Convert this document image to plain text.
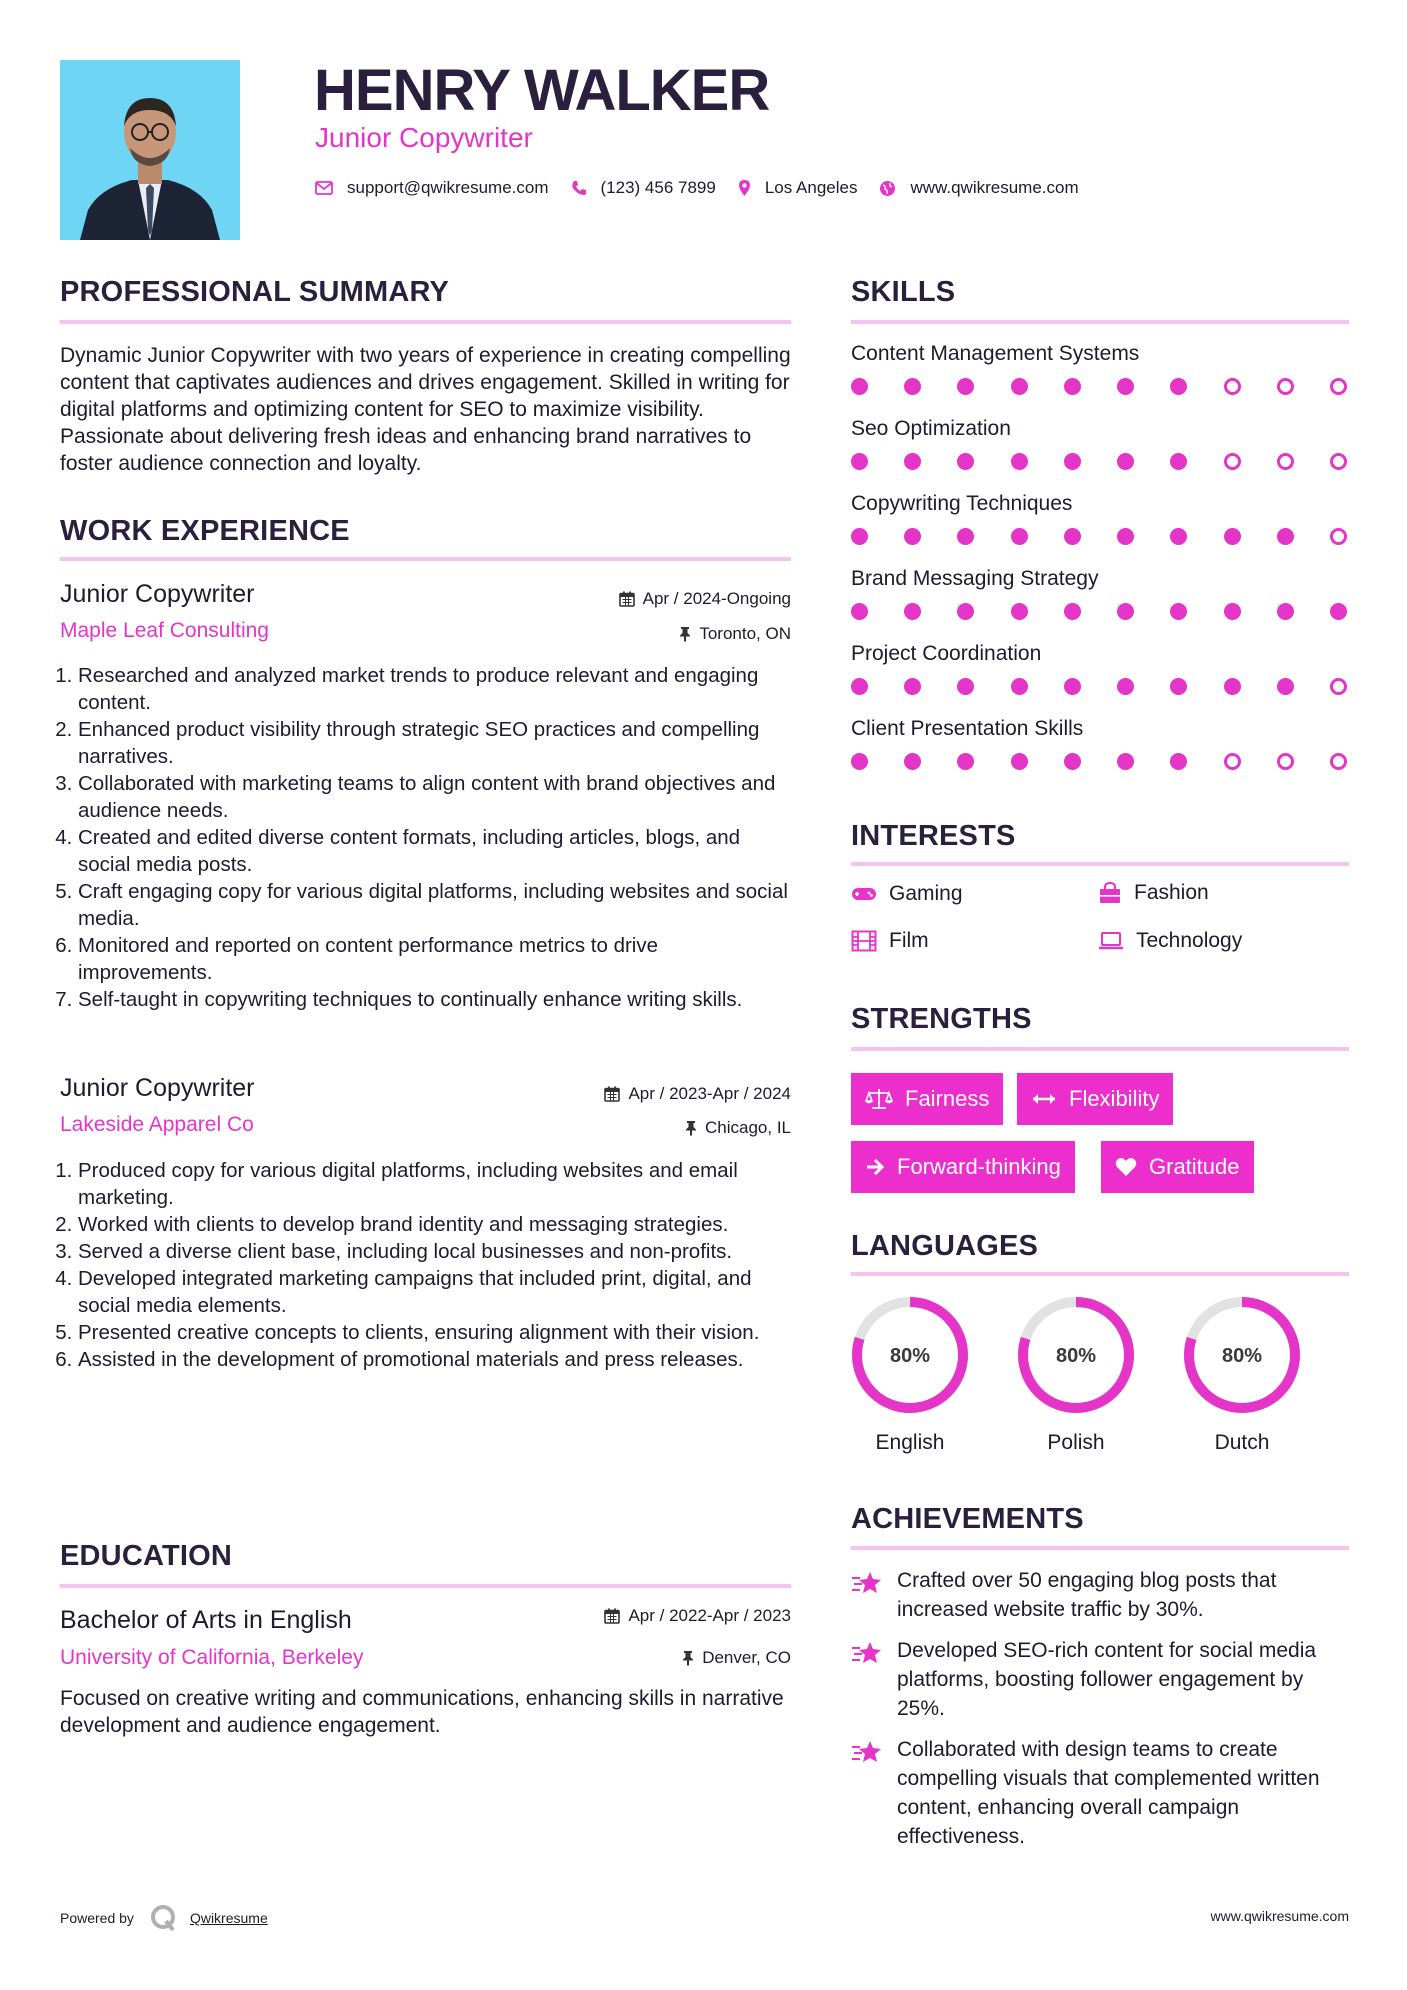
HENRY WALKER
Junior Copywriter
support@qwikresume.com	(123) 456 7899	Los Angeles	www.qwikresume.com
PROFESSIONAL SUMMARY
Dynamic Junior Copywriter with two years of experience in creating compelling content that captivates audiences and drives engagement. Skilled in writing for digital platforms and optimizing content for SEO to maximize visibility. Passionate about delivering fresh ideas and enhancing brand narratives to foster audience connection and loyalty.
WORK EXPERIENCE
Junior Copywriter	Apr / 2024-Ongoing
Maple Leaf Consulting	Toronto, ON
1. Researched and analyzed market trends to produce relevant and engaging content.
2. Enhanced product visibility through strategic SEO practices and compelling narratives.
3. Collaborated with marketing teams to align content with brand objectives and audience needs.
4. Created and edited diverse content formats, including articles, blogs, and social media posts.
5. Craft engaging copy for various digital platforms, including websites and social media.
6. Monitored and reported on content performance metrics to drive improvements.
7. Self-taught in copywriting techniques to continually enhance writing skills.
Junior Copywriter	Apr / 2023-Apr / 2024
Lakeside Apparel Co	Chicago, IL
1. Produced copy for various digital platforms, including websites and email marketing.
2. Worked with clients to develop brand identity and messaging strategies.
3. Served a diverse client base, including local businesses and non-profits.
4. Developed integrated marketing campaigns that included print, digital, and social media elements.
5. Presented creative concepts to clients, ensuring alignment with their vision.
6. Assisted in the development of promotional materials and press releases.
EDUCATION
Bachelor of Arts in English	Apr / 2022-Apr / 2023
University of California, Berkeley	Denver, CO
Focused on creative writing and communications, enhancing skills in narrative development and audience engagement.
SKILLS
Content Management Systems
Seo Optimization
Copywriting Techniques
Brand Messaging Strategy
Project Coordination
Client Presentation Skills
INTERESTS
Gaming	Fashion
Film	Technology
STRENGTHS
Fairness	Flexibility
Forward-thinking	Gratitude
LANGUAGES
80%
English
80%
Polish
80%
Dutch
ACHIEVEMENTS
Crafted over 50 engaging blog posts that increased website traffic by 30%.
Developed SEO-rich content for social media platforms, boosting follower engagement by 25%.
Collaborated with design teams to create compelling visuals that complemented written content, enhancing overall campaign effectiveness.
Powered by	Qwikresume	www.qwikresume.com
